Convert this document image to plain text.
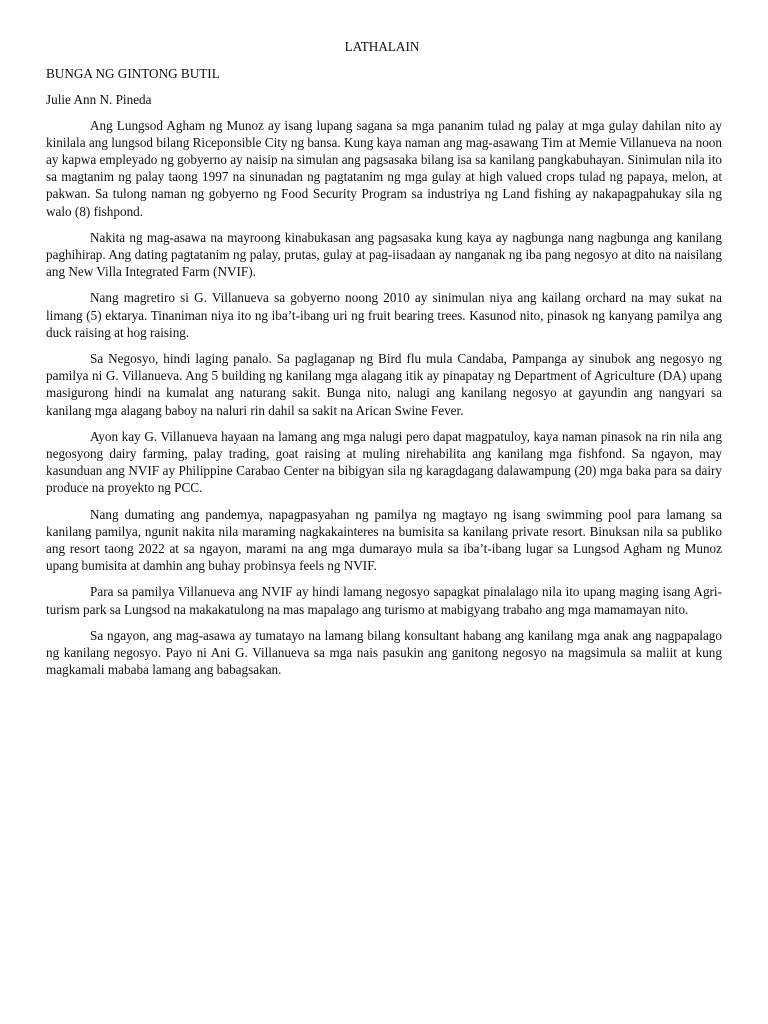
LATHALAIN

BUNGA NG GINTONG BUTIL

Julie Ann N. Pineda

Ang Lungsod Agham ng Munoz ay isang lupang sagana sa mga pananim tulad ng palay at mga gulay dahilan nito ay kinilala ang lungsod bilang Riceponsible City ng bansa. Kung kaya naman ang mag-asawang Tim at Memie Villanueva na noon ay kapwa empleyado ng gobyerno ay naisip na simulan ang pagsasaka bilang isa sa kanilang pangkabuhayan. Sinimulan nila ito sa magtanim ng palay taong 1997 na sinunadan ng pagtatanim ng mga gulay at high valued crops tulad ng papaya, melon, at pakwan. Sa tulong naman ng gobyerno ng Food Security Program sa industriya ng Land fishing ay nakapagpahukay sila ng walo (8) fishpond.

Nakita ng mag-asawa na mayroong kinabukasan ang pagsasaka kung kaya ay nagbunga nang nagbunga ang kanilang paghihirap. Ang dating pagtatanim ng palay, prutas, gulay at pag-iisadaan ay nanganak ng iba pang negosyo at dito na naisilang ang New Villa Integrated Farm (NVIF).

Nang magretiro si G. Villanueva sa gobyerno noong 2010 ay sinimulan niya ang kailang orchard na may sukat na limang (5) ektarya. Tinaniman niya ito ng iba’t-ibang uri ng fruit bearing trees. Kasunod nito, pinasok ng kanyang pamilya ang duck raising at hog raising.

Sa Negosyo, hindi laging panalo. Sa paglaganap ng Bird flu mula Candaba, Pampanga ay sinubok ang negosyo ng pamilya ni G. Villanueva. Ang 5 building ng kanilang mga alagang itik ay pinapatay ng Department of Agriculture (DA) upang masigurong hindi na kumalat ang naturang sakit. Bunga nito, nalugi ang kanilang negosyo at gayundin ang nangyari sa kanilang mga alagang baboy na naluri rin dahil sa sakit na Arican Swine Fever.

Ayon kay G. Villanueva hayaan na lamang ang mga nalugi pero dapat magpatuloy, kaya naman pinasok na rin nila ang negosyong dairy farming, palay trading, goat raising at muling nirehabilita ang kanilang mga fishfond. Sa ngayon, may kasunduan ang NVIF ay Philippine Carabao Center na bibigyan sila ng karagdagang dalawampung (20) mga baka para sa dairy produce na proyekto ng PCC.

Nang dumating ang pandemya, napagpasyahan ng pamilya ng magtayo ng isang swimming pool para lamang sa kanilang pamilya, ngunit nakita nila maraming nagkakainteres na bumisita sa kanilang private resort. Binuksan nila sa publiko ang resort taong 2022 at sa ngayon, marami na ang mga dumarayo mula sa iba’t-ibang lugar sa Lungsod Agham ng Munoz upang bumisita at damhin ang buhay probinsya feels ng NVIF.

Para sa pamilya Villanueva ang NVIF ay hindi lamang negosyo sapagkat pinalalago nila ito upang maging isang Agri-turism park sa Lungsod na makakatulong na mas mapalago ang turismo at mabigyang trabaho ang mga mamamayan nito.

Sa ngayon, ang mag-asawa ay tumatayo na lamang bilang konsultant habang ang kanilang mga anak ang nagpapalago ng kanilang negosyo. Payo ni Ani G. Villanueva sa mga nais pasukin ang ganitong negosyo na magsimula sa maliit at kung magkamali mababa lamang ang babagsakan.
